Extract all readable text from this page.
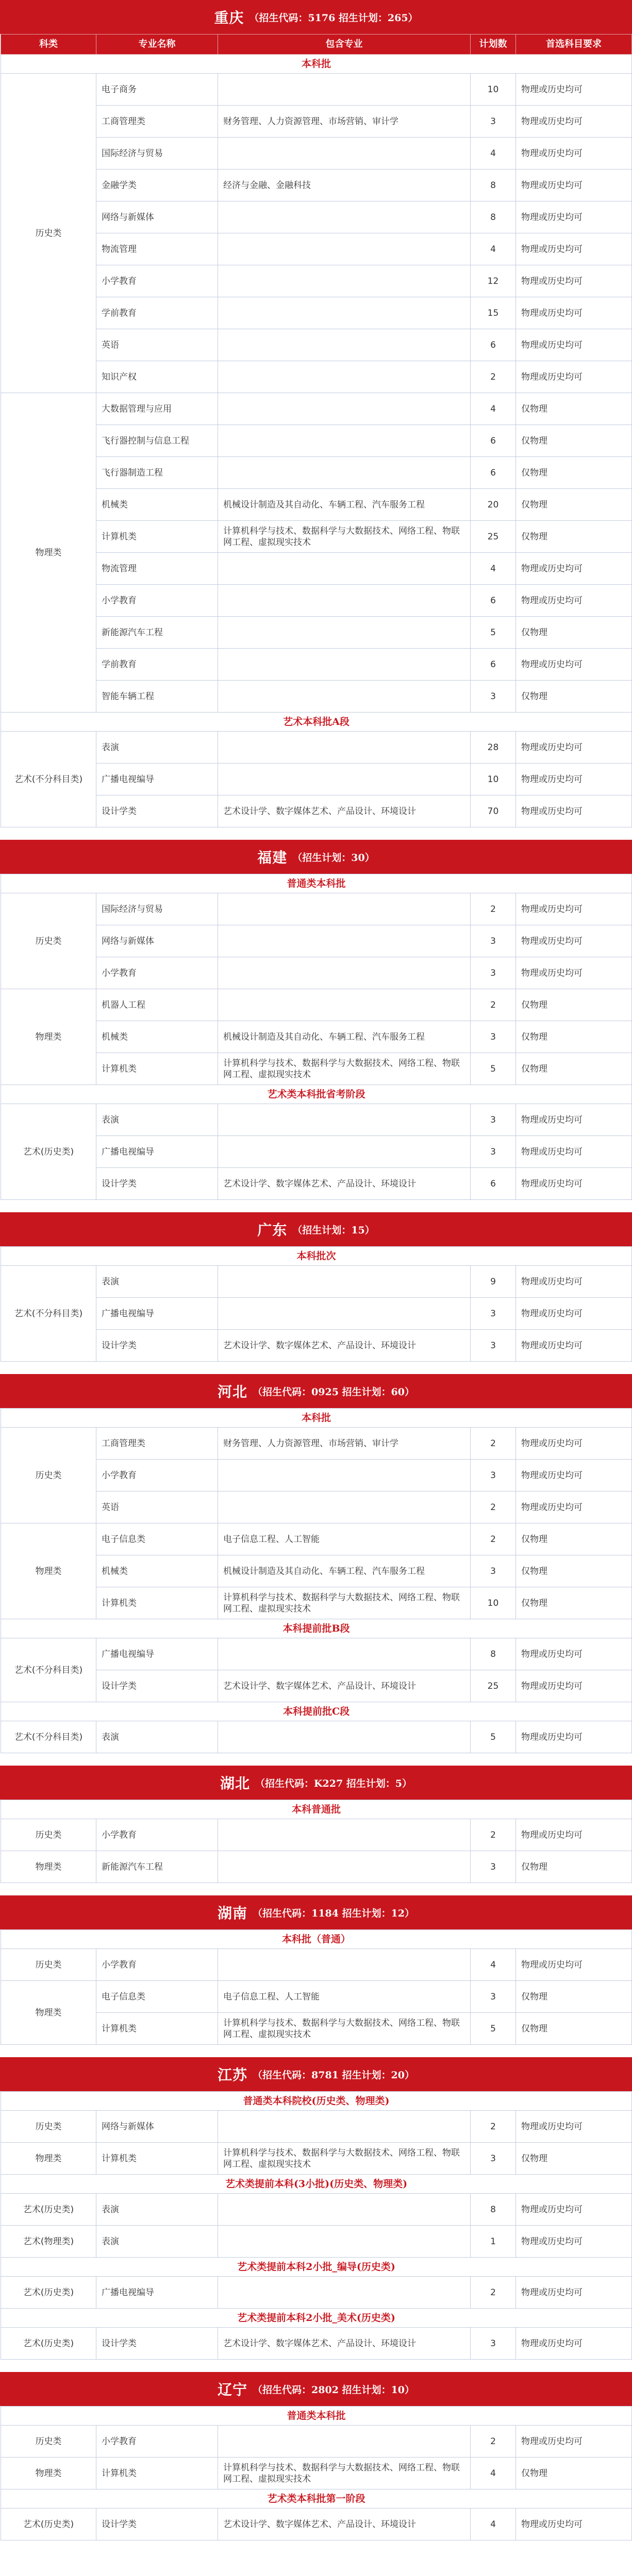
重庆 （招生代码：5176 招生计划：265）
科类	专业名称	包含专业	计划数	首选科目要求
本科批				
历史类	电子商务		10	物理或历史均可
	工商管理类	财务管理、人力资源管理、市场营销、审计学	3	物理或历史均可
	国际经济与贸易		4	物理或历史均可
	金融学类	经济与金融、金融科技	8	物理或历史均可
	网络与新媒体		8	物理或历史均可
	物流管理		4	物理或历史均可
	小学教育		12	物理或历史均可
	学前教育		15	物理或历史均可
	英语		6	物理或历史均可
	知识产权		2	物理或历史均可
物理类	大数据管理与应用		4	仅物理
	飞行器控制与信息工程		6	仅物理
	飞行器制造工程		6	仅物理
	机械类	机械设计制造及其自动化、车辆工程、汽车服务工程	20	仅物理
	计算机类	计算机科学与技术、数据科学与大数据技术、网络工程、物联网工程、虚拟现实技术	25	仅物理
	物流管理		4	物理或历史均可
	小学教育		6	物理或历史均可
	新能源汽车工程		5	仅物理
	学前教育		6	物理或历史均可
	智能车辆工程		3	仅物理
艺术本科批A段				
艺术(不分科目类)	表演		28	物理或历史均可
	广播电视编导		10	物理或历史均可
	设计学类	艺术设计学、数字媒体艺术、产品设计、环境设计	70	物理或历史均可
福建 （招生计划：30）
普通类本科批				
历史类	国际经济与贸易		2	物理或历史均可
	网络与新媒体		3	物理或历史均可
	小学教育		3	物理或历史均可
物理类	机器人工程		2	仅物理
	机械类	机械设计制造及其自动化、车辆工程、汽车服务工程	3	仅物理
	计算机类	计算机科学与技术、数据科学与大数据技术、网络工程、物联网工程、虚拟现实技术	5	仅物理
艺术类本科批省考阶段				
艺术(历史类)	表演		3	物理或历史均可
	广播电视编导		3	物理或历史均可
	设计学类	艺术设计学、数字媒体艺术、产品设计、环境设计	6	物理或历史均可
广东 （招生计划：15）
本科批次				
艺术(不分科目类)	表演		9	物理或历史均可
	广播电视编导		3	物理或历史均可
	设计学类	艺术设计学、数字媒体艺术、产品设计、环境设计	3	物理或历史均可
河北 （招生代码：0925 招生计划：60）
本科批				
历史类	工商管理类	财务管理、人力资源管理、市场营销、审计学	2	物理或历史均可
	小学教育		3	物理或历史均可
	英语		2	物理或历史均可
物理类	电子信息类	电子信息工程、人工智能	2	仅物理
	机械类	机械设计制造及其自动化、车辆工程、汽车服务工程	3	仅物理
	计算机类	计算机科学与技术、数据科学与大数据技术、网络工程、物联网工程、虚拟现实技术	10	仅物理
本科提前批B段				
艺术(不分科目类)	广播电视编导		8	物理或历史均可
	设计学类	艺术设计学、数字媒体艺术、产品设计、环境设计	25	物理或历史均可
本科提前批C段				
艺术(不分科目类)	表演		5	物理或历史均可
湖北 （招生代码：K227 招生计划：5）
本科普通批				
历史类	小学教育		2	物理或历史均可
物理类	新能源汽车工程		3	仅物理
湖南 （招生代码：1184 招生计划：12）
本科批（普通）				
历史类	小学教育		4	物理或历史均可
物理类	电子信息类	电子信息工程、人工智能	3	仅物理
	计算机类	计算机科学与技术、数据科学与大数据技术、网络工程、物联网工程、虚拟现实技术	5	仅物理
江苏 （招生代码：8781 招生计划：20）
普通类本科院校(历史类、物理类)				
历史类	网络与新媒体		2	物理或历史均可
物理类	计算机类	计算机科学与技术、数据科学与大数据技术、网络工程、物联网工程、虚拟现实技术	3	仅物理
艺术类提前本科(3小批)(历史类、物理类)				
艺术(历史类)	表演		8	物理或历史均可
艺术(物理类)	表演		1	物理或历史均可
艺术类提前本科2小批_编导(历史类)				
艺术(历史类)	广播电视编导		2	物理或历史均可
艺术类提前本科2小批_美术(历史类)				
艺术(历史类)	设计学类	艺术设计学、数字媒体艺术、产品设计、环境设计	3	物理或历史均可
辽宁 （招生代码：2802 招生计划：10）
普通类本科批				
历史类	小学教育		2	物理或历史均可
物理类	计算机类	计算机科学与技术、数据科学与大数据技术、网络工程、物联网工程、虚拟现实技术	4	仅物理
艺术类本科批第一阶段				
艺术(历史类)	设计学类	艺术设计学、数字媒体艺术、产品设计、环境设计	4	物理或历史均可
